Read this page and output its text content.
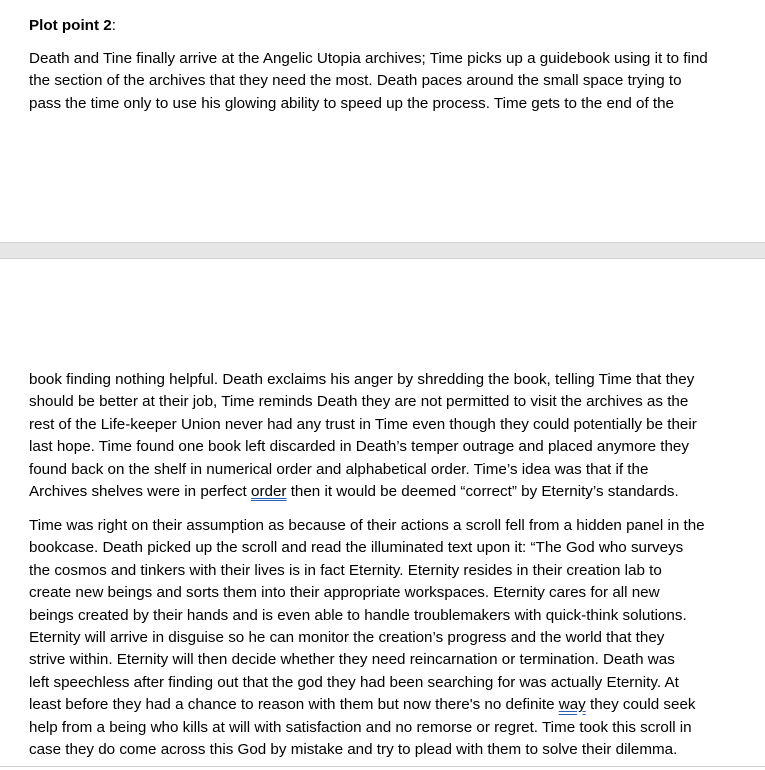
Plot point 2:
Death and Tine finally arrive at the Angelic Utopia archives; Time picks up a guidebook using it to find
the section of the archives that they need the most. Death paces around the small space trying to
pass the time only to use his glowing ability to speed up the process. Time gets to the end of the
book finding nothing helpful. Death exclaims his anger by shredding the book, telling Time that they
should be better at their job, Time reminds Death they are not permitted to visit the archives as the
rest of the Life-keeper Union never had any trust in Time even though they could potentially be their
last hope. Time found one book left discarded in Death’s temper outrage and placed anymore they
found back on the shelf in numerical order and alphabetical order. Time’s idea was that if the
Archives shelves were in perfect order then it would be deemed “correct” by Eternity’s standards.
Time was right on their assumption as because of their actions a scroll fell from a hidden panel in the
bookcase. Death picked up the scroll and read the illuminated text upon it: “The God who surveys
the cosmos and tinkers with their lives is in fact Eternity. Eternity resides in their creation lab to
create new beings and sorts them into their appropriate workspaces. Eternity cares for all new
beings created by their hands and is even able to handle troublemakers with quick-think solutions.
Eternity will arrive in disguise so he can monitor the creation’s progress and the world that they
strive within. Eternity will then decide whether they need reincarnation or termination. Death was
left speechless after finding out that the god they had been searching for was actually Eternity. At
least before they had a chance to reason with them but now there's no definite way they could seek
help from a being who kills at will with satisfaction and no remorse or regret. Time took this scroll in
case they do come across this God by mistake and try to plead with them to solve their dilemma.
